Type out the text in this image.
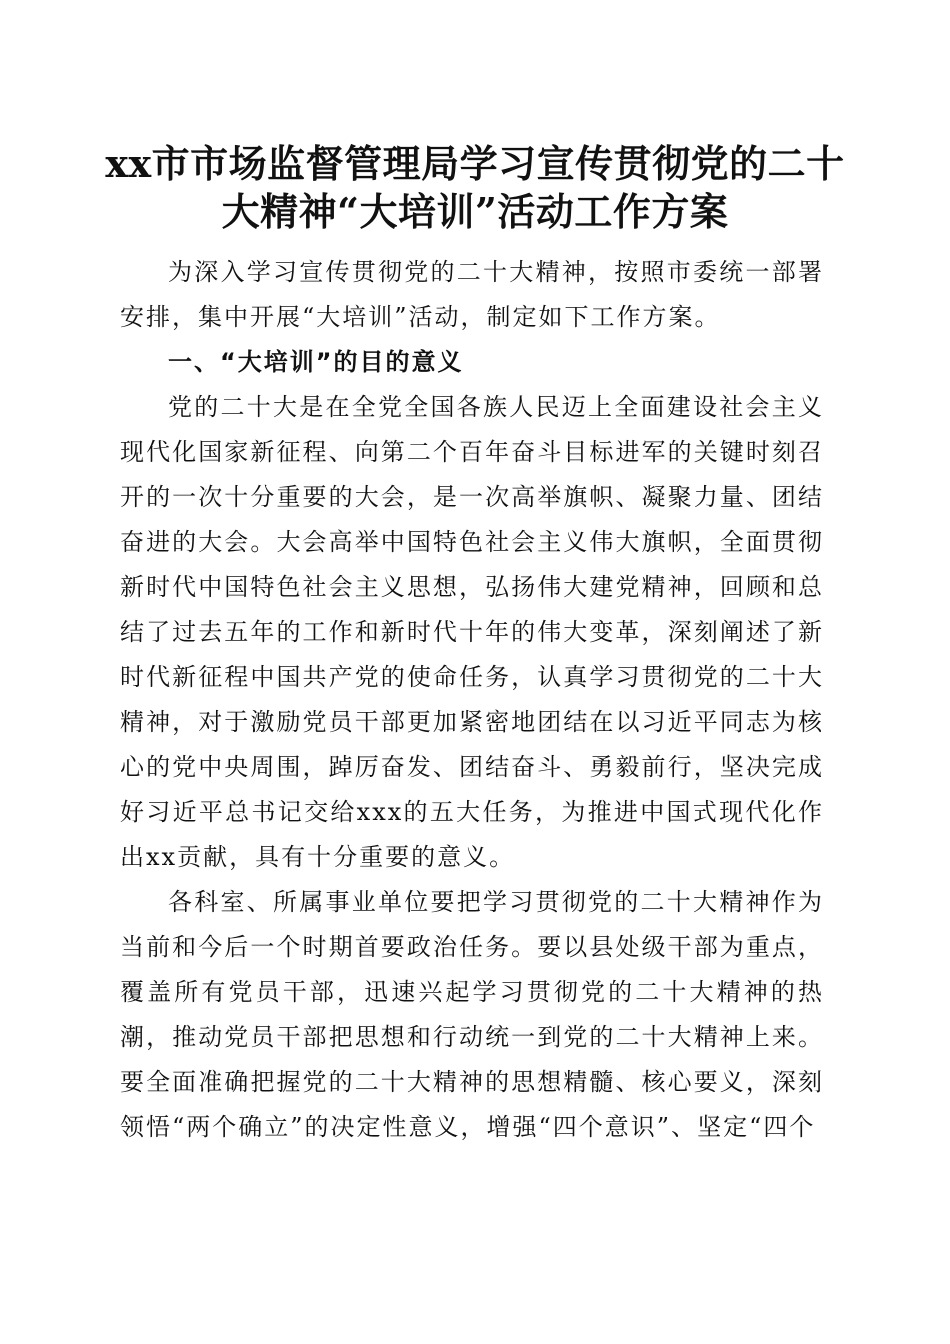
xx市市场监督管理局学习宣传贯彻党的二十
大精神“大培训”活动工作方案

为深入学习宣传贯彻党的二十大精神，按照市委统一部署安排，集中开展“大培训”活动，制定如下工作方案。

一、“大培训”的目的意义

党的二十大是在全党全国各族人民迈上全面建设社会主义现代化国家新征程、向第二个百年奋斗目标进军的关键时刻召开的一次十分重要的大会，是一次高举旗帜、凝聚力量、团结奋进的大会。大会高举中国特色社会主义伟大旗帜，全面贯彻新时代中国特色社会主义思想，弘扬伟大建党精神，回顾和总结了过去五年的工作和新时代十年的伟大变革，深刻阐述了新时代新征程中国共产党的使命任务，认真学习贯彻党的二十大精神，对于激励党员干部更加紧密地团结在以习近平同志为核心的党中央周围，踔厉奋发、团结奋斗、勇毅前行，坚决完成好习近平总书记交给xxx的五大任务，为推进中国式现代化作出xx贡献，具有十分重要的意义。

各科室、所属事业单位要把学习贯彻党的二十大精神作为当前和今后一个时期首要政治任务。要以县处级干部为重点，覆盖所有党员干部，迅速兴起学习贯彻党的二十大精神的热潮，推动党员干部把思想和行动统一到党的二十大精神上来。要全面准确把握党的二十大精神的思想精髓、核心要义，深刻领悟“两个确立”的决定性意义，增强“四个意识”、坚定“四个
